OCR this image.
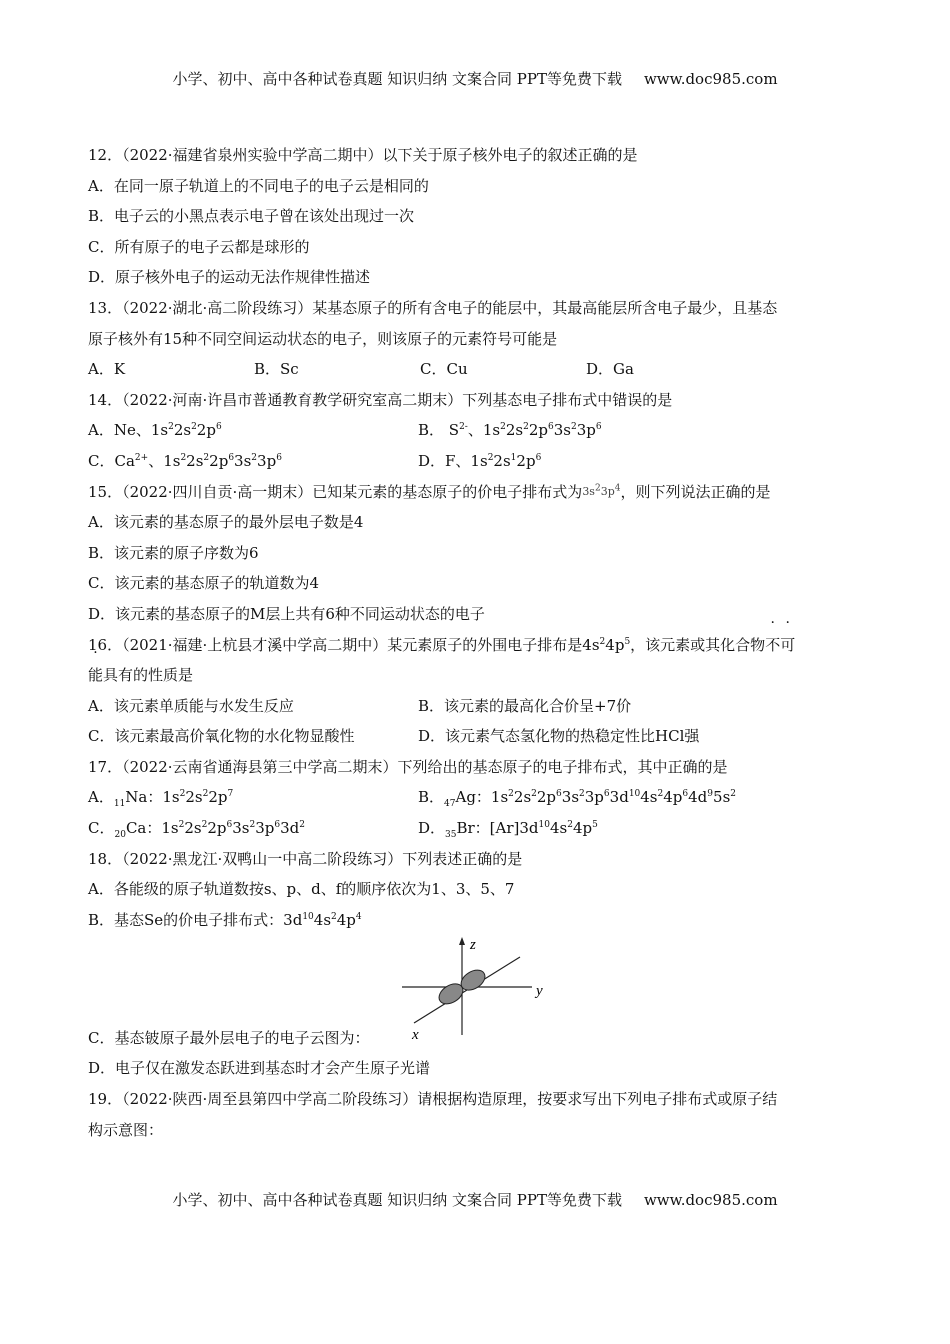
小学、初中、高中各种试卷真题 知识归纳 文案合同 PPT等免费下载 www.doc985.com
12．（2022·福建省泉州实验中学高二期中）以下关于原子核外电子的叙述正确的是
A．在同一原子轨道上的不同电子的电子云是相同的
B．电子云的小黑点表示电子曾在该处出现过一次
C．所有原子的电子云都是球形的
D．原子核外电子的运动无法作规律性描述
13．（2022·湖北·高二阶段练习）某基态原子的所有含电子的能层中，其最高能层所含电子最少，且基态
原子核外有15种不同空间运动状态的电子，则该原子的元素符号可能是
A．K	B．Sc	C．Cu	D．Ga
14．（2022·河南·许昌市普通教育教学研究室高二期末）下列基态电子排布式中错误的是
A．Ne、$1s^22s^22p^6$	B． $S^{2-}$、$1s^22s^22p^63s^23p^6$
C．$Ca^{2+}$、$1s^22s^22p^63s^23p^6$	D．F、$1s^22s^12p^6$
15．（2022·四川自贡·高一期末）已知某元素的基态原子的价电子排布式为$3s^23p^4$，则下列说法正确的是
A．该元素的基态原子的最外层电子数是4
B．该元素的原子序数为6
C．该元素的基态原子的轨道数为4
D．该元素的基态原子的M层上共有6种不同运动状态的电子
16．（2021·福建·上杭县才溪中学高二期中）某元素原子的外围电子排布是$4s^24p^5$，该元素或其化合物不可
能具有的性质是
A．该元素单质能与水发生反应	B．该元素的最高化合价呈+7价
C．该元素最高价氧化物的水化物显酸性	D．该元素气态氢化物的热稳定性比HCl强
17．（2022·云南省通海县第三中学高二期末）下列给出的基态原子的电子排布式，其中正确的是
A．$_{11}$Na：$1s^22s^22p^7$	B．$_{47}$Ag：$1s^22s^22p^63s^23p^63d^{10}4s^24p^64d^95s^2$
C．$_{20}$Ca：$1s^22s^22p^63s^23p^63d^2$	D．$_{35}$Br：$[Ar]3d^{10}4s^24p^5$
18．（2022·黑龙江·双鸭山一中高二阶段练习）下列表述正确的是
A．各能级的原子轨道数按s、p、d、f的顺序依次为1、3、5、7
B．基态Se的价电子排布式：$3d^{10}4s^24p^4$
z
y
x
C．基态铍原子最外层电子的电子云图为：
D．电子仅在激发态跃进到基态时才会产生原子光谱
19．（2022·陕西·周至县第四中学高二阶段练习）请根据构造原理，按要求写出下列电子排布式或原子结
构示意图：
小学、初中、高中各种试卷真题 知识归纳 文案合同 PPT等免费下载 www.doc985.com
